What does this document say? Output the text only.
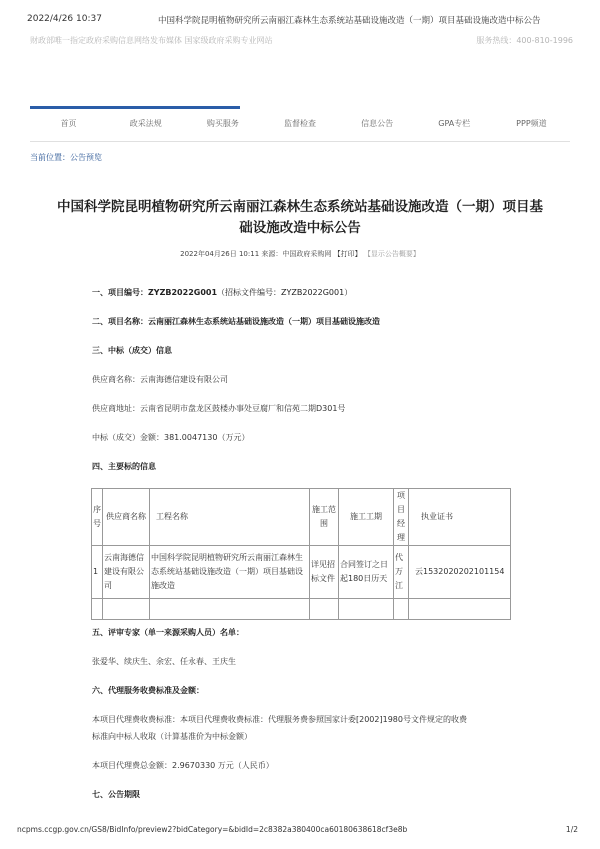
2022/4/26 10:37	中国科学院昆明植物研究所云南丽江森林生态系统站基础设施改造（一期）项目基础设施改造中标公告
财政部唯一指定政府采购信息网络发布媒体 国家级政府采购专业网站	服务热线：400-810-1996
首页	政采法规	购买服务	监督检查	信息公告	GPA专栏	PPP频道
当前位置：公告预览
中国科学院昆明植物研究所云南丽江森林生态系统站基础设施改造（一期）项目基
础设施改造中标公告
2022年04月26日 10:11 来源：中国政府采购网 【打印】 【显示公告概要】
一、项目编号：ZYZB2022G001（招标文件编号：ZYZB2022G001）
二、项目名称：云南丽江森林生态系统站基础设施改造（一期）项目基础设施改造
三、中标（成交）信息
供应商名称：云南海德信建设有限公司
供应商地址：云南省昆明市盘龙区鼓楼办事处豆腐厂和信苑二期D301号
中标（成交）金额：381.0047130（万元）
四、主要标的信息
序号	供应商名称	工程名称	施工范围	施工工期	项目经理	执业证书
1	云南海德信建设有限公司	中国科学院昆明植物研究所云南丽江森林生态系统站基础设施改造（一期）项目基础设施改造	详见招标文件	合同签订之日起180日历天	代万江	云1532020202101154

五、评审专家（单一来源采购人员）名单：
张爱华、续庆生、余宏、任永春、王庆生
六、代理服务收费标准及金额：
本项目代理费收费标准：本项目代理费收费标准：代理服务费参照国家计委[2002]1980号文件规定的收费
标准向中标人收取（计算基准价为中标金额）
本项目代理费总金额：2.9670330 万元（人民币）
七、公告期限
ncpms.ccgp.gov.cn/GS8/BidInfo/preview2?bidCategory=&bidId=2c8382a380400ca60180638618cf3e8b	1/2
